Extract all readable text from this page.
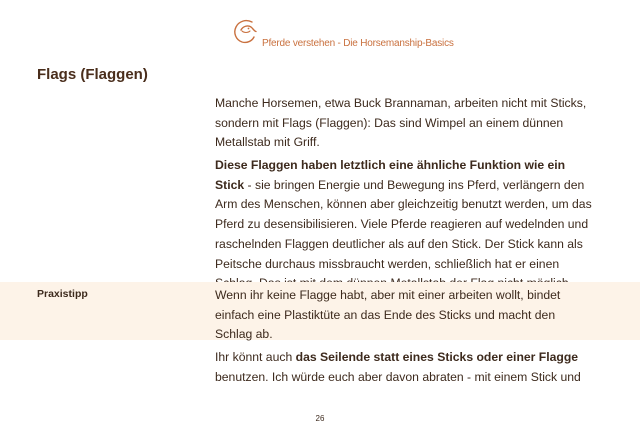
Pferde verstehen - Die Horsemanship-Basics
Flags (Flaggen)
Manche Horsemen, etwa Buck Brannaman, arbeiten nicht mit Sticks, sondern mit Flags (Flaggen): Das sind Wimpel an einem dünnen Metallstab mit Griff.
Diese Flaggen haben letztlich eine ähnliche Funktion wie ein Stick - sie bringen Energie und Bewegung ins Pferd, verlängern den Arm des Menschen, können aber gleichzeitig benutzt werden, um das Pferd zu desensibilisieren. Viele Pferde reagieren auf wedelnden und raschelnden Flaggen deutlicher als auf den Stick. Der Stick kann als Peitsche durchaus missbraucht werden, schließlich hat er einen
Praxistipp	Wenn ihr keine Flagge habt, aber mit einer arbeiten wollt, bindet einfach eine Plastiktüte an das Ende des Sticks und macht den Schlag ab.
Ihr könnt auch das Seilende statt eines Sticks oder einer Flagge benutzen. Ich würde euch aber davon abraten - mit einem Stick und
26
